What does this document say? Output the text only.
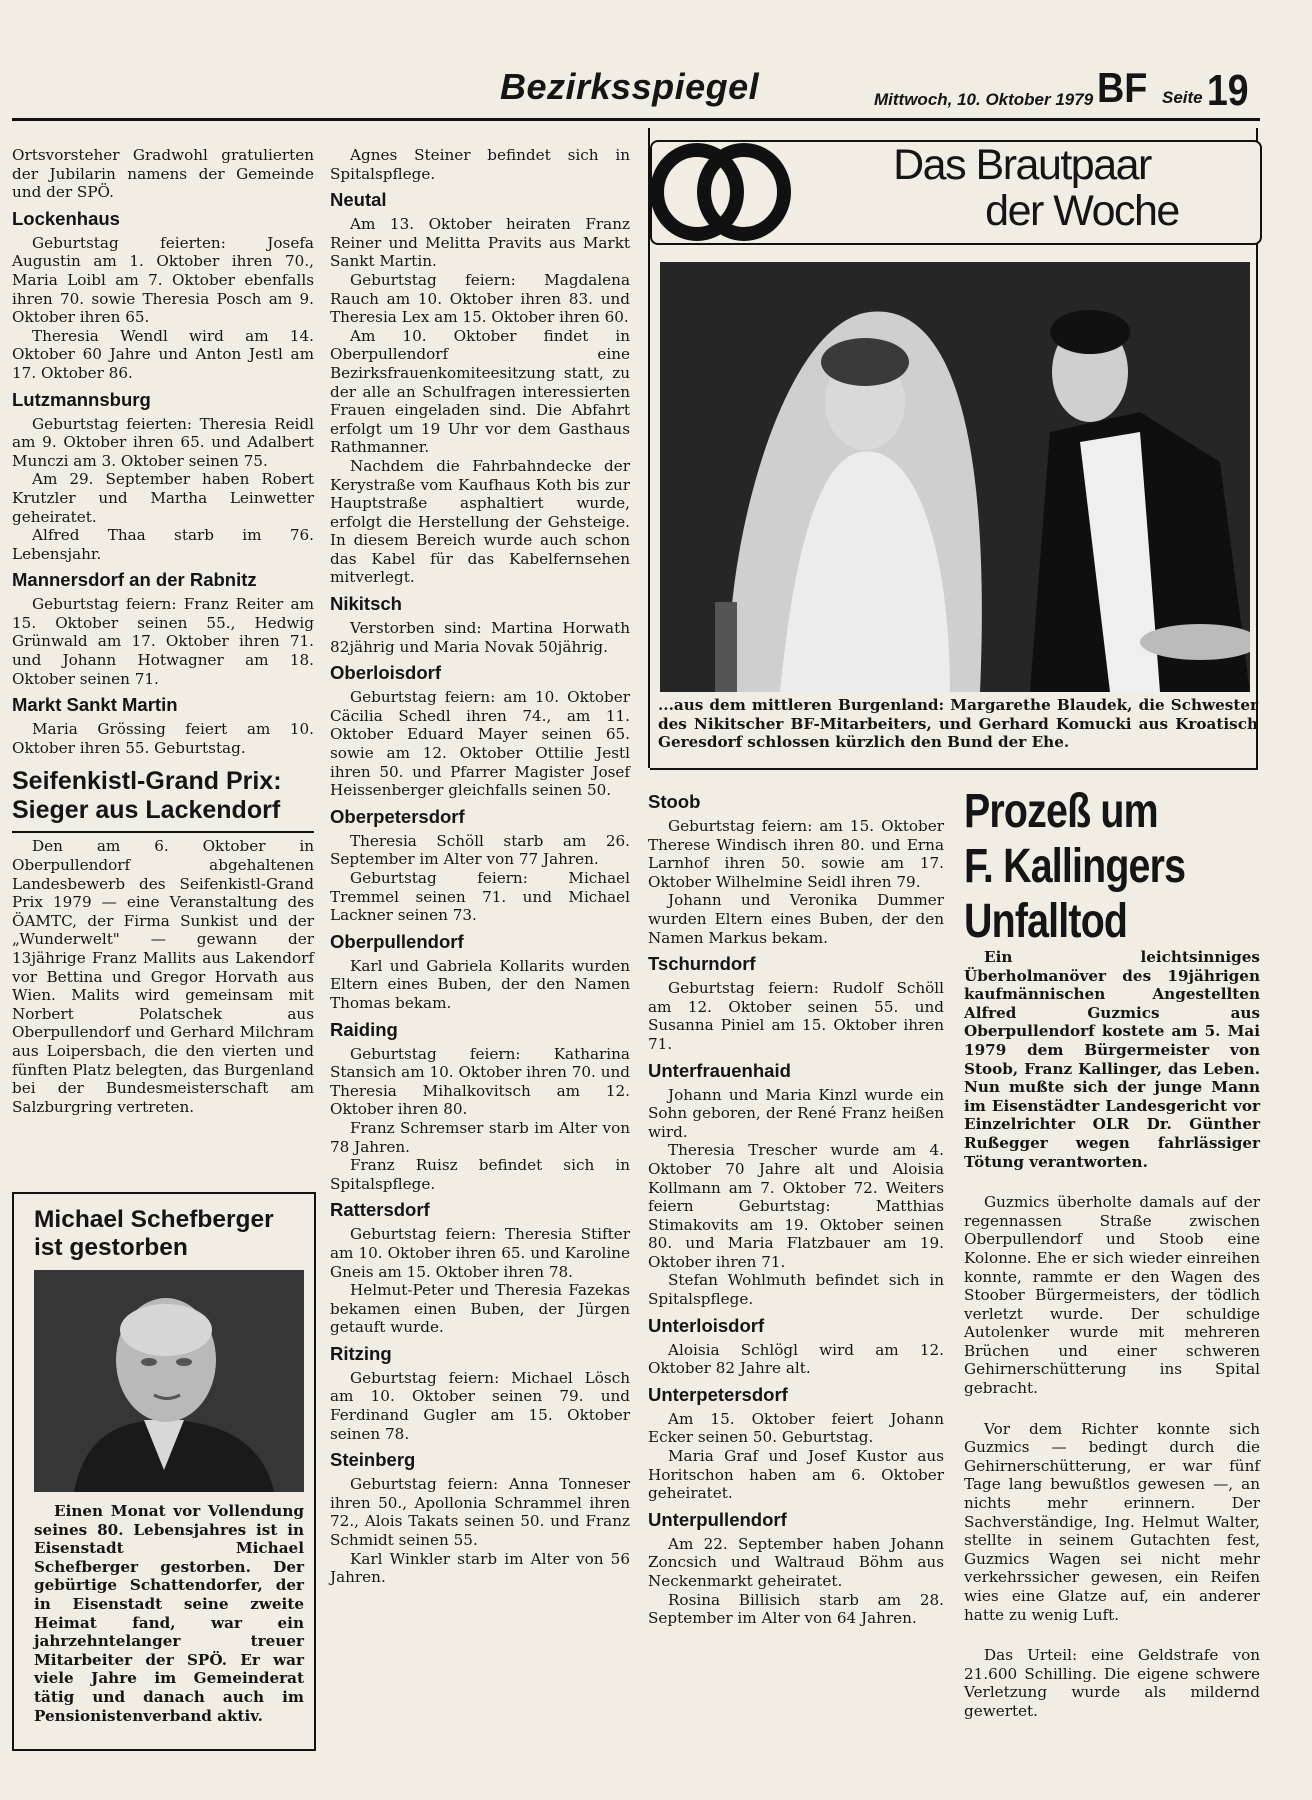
Bezirksspiegel	Mittwoch, 10. Oktober 1979 BF Seite 19

Ortsvorsteher Gradwohl gratulierten der Jubilarin namens der Gemeinde und der SPÖ.

Lockenhaus

Geburtstag feierten: Josefa Augustin am 1. Oktober ihren 70., Maria Loibl am 7. Oktober ebenfalls ihren 70. sowie Theresia Posch am 9. Oktober ihren 65.

Theresia Wendl wird am 14. Oktober 60 Jahre und Anton Jestl am 17. Oktober 86.

Lutzmannsburg

Geburtstag feierten: Theresia Reidl am 9. Oktober ihren 65. und Adalbert Munczi am 3. Oktober seinen 75.

Am 29. September haben Robert Krutzler und Martha Leinwetter geheiratet.

Alfred Thaa starb im 76. Lebensjahr.

Mannersdorf an der Rabnitz

Geburtstag feiern: Franz Reiter am 15. Oktober seinen 55., Hedwig Grünwald am 17. Oktober ihren 71. und Johann Hotwagner am 18. Oktober seinen 71.

Markt Sankt Martin

Maria Grössing feiert am 10. Oktober ihren 55. Geburtstag.

Seifenkistl-Grand Prix: Sieger aus Lackendorf

Den am 6. Oktober in Oberpullendorf abgehaltenen Landesbewerb des Seifenkistl-Grand Prix 1979 — eine Veranstaltung des ÖAMTC, der Firma Sunkist und der „Wunderwelt" — gewann der 13jährige Franz Mallits aus Lakendorf vor Bettina und Gregor Horvath aus Wien. Malits wird gemeinsam mit Norbert Polatschek aus Oberpullendorf und Gerhard Milchram aus Loipersbach, die den vierten und fünften Platz belegten, das Burgenland bei der Bundesmeisterschaft am Salzburgring vertreten.

Michael Schefberger ist gestorben

Einen Monat vor Vollendung seines 80. Lebensjahres ist in Eisenstadt Michael Schefberger gestorben. Der gebürtige Schattendorfer, der in Eisenstadt seine zweite Heimat fand, war ein jahrzehntelanger treuer Mitarbeiter der SPÖ. Er war viele Jahre im Gemeinderat tätig und danach auch im Pensionistenverband aktiv.

Agnes Steiner befindet sich in Spitalspflege.

Neutal

Am 13. Oktober heiraten Franz Reiner und Melitta Pravits aus Markt Sankt Martin.

Geburtstag feiern: Magdalena Rauch am 10. Oktober ihren 83. und Theresia Lex am 15. Oktober ihren 60.

Am 10. Oktober findet in Oberpullendorf eine Bezirksfrauenkomiteesitzung statt, zu der alle an Schulfragen interessierten Frauen eingeladen sind. Die Abfahrt erfolgt um 19 Uhr vor dem Gasthaus Rathmanner.

Nachdem die Fahrbahndecke der Kerystraße vom Kaufhaus Koth bis zur Hauptstraße asphaltiert wurde, erfolgt die Herstellung der Gehsteige. In diesem Bereich wurde auch schon das Kabel für das Kabelfernsehen mitverlegt.

Nikitsch

Verstorben sind: Martina Horwath 82jährig und Maria Novak 50jährig.

Oberloisdorf

Geburtstag feiern: am 10. Oktober Cäcilia Schedl ihren 74., am 11. Oktober Eduard Mayer seinen 65. sowie am 12. Oktober Ottilie Jestl ihren 50. und Pfarrer Magister Josef Heissenberger gleichfalls seinen 50.

Oberpetersdorf

Theresia Schöll starb am 26. September im Alter von 77 Jahren.

Geburtstag feiern: Michael Tremmel seinen 71. und Michael Lackner seinen 73.

Oberpullendorf

Karl und Gabriela Kollarits wurden Eltern eines Buben, der den Namen Thomas bekam.

Raiding

Geburtstag feiern: Katharina Stansich am 10. Oktober ihren 70. und Theresia Mihalkovitsch am 12. Oktober ihren 80.

Franz Schremser starb im Alter von 78 Jahren.

Franz Ruisz befindet sich in Spitalspflege.

Rattersdorf

Geburtstag feiern: Theresia Stifter am 10. Oktober ihren 65. und Karoline Gneis am 15. Oktober ihren 78.

Helmut-Peter und Theresia Fazekas bekamen einen Buben, der Jürgen getauft wurde.

Ritzing

Geburtstag feiern: Michael Lösch am 10. Oktober seinen 79. und Ferdinand Gugler am 15. Oktober seinen 78.

Steinberg

Geburtstag feiern: Anna Tonneser ihren 50., Apollonia Schrammel ihren 72., Alois Takats seinen 50. und Franz Schmidt seinen 55.

Karl Winkler starb im Alter von 56 Jahren.

Das Brautpaar
der Woche

...aus dem mittleren Burgenland: Margarethe Blaudek, die Schwester des Nikitscher BF-Mitarbeiters, und Gerhard Komucki aus Kroatisch Geresdorf schlossen kürzlich den Bund der Ehe.

Stoob

Geburtstag feiern: am 15. Oktober Therese Windisch ihren 80. und Erna Larnhof ihren 50. sowie am 17. Oktober Wilhelmine Seidl ihren 79.

Johann und Veronika Dummer wurden Eltern eines Buben, der den Namen Markus bekam.

Tschurndorf

Geburtstag feiern: Rudolf Schöll am 12. Oktober seinen 55. und Susanna Piniel am 15. Oktober ihren 71.

Unterfrauenhaid

Johann und Maria Kinzl wurde ein Sohn geboren, der René Franz heißen wird.

Theresia Trescher wurde am 4. Oktober 70 Jahre alt und Aloisia Kollmann am 7. Oktober 72. Weiters feiern Geburtstag: Matthias Stimakovits am 19. Oktober seinen 80. und Maria Flatzbauer am 19. Oktober ihren 71.

Stefan Wohlmuth befindet sich in Spitalspflege.

Unterloisdorf

Aloisia Schlögl wird am 12. Oktober 82 Jahre alt.

Unterpetersdorf

Am 15. Oktober feiert Johann Ecker seinen 50. Geburtstag.

Maria Graf und Josef Kustor aus Horitschon haben am 6. Oktober geheiratet.

Unterpullendorf

Am 22. September haben Johann Zoncsich und Waltraud Böhm aus Neckenmarkt geheiratet.

Rosina Billisich starb am 28. September im Alter von 64 Jahren.

Prozeß um
F. Kallingers
Unfalltod

Ein leichtsinniges Überholmanöver des 19jährigen kaufmännischen Angestellten Alfred Guzmics aus Oberpullendorf kostete am 5. Mai 1979 dem Bürgermeister von Stoob, Franz Kallinger, das Leben. Nun mußte sich der junge Mann im Eisenstädter Landesgericht vor Einzelrichter OLR Dr. Günther Rußegger wegen fahrlässiger Tötung verantworten.

Guzmics überholte damals auf der regennassen Straße zwischen Oberpullendorf und Stoob eine Kolonne. Ehe er sich wieder einreihen konnte, rammte er den Wagen des Stoober Bürgermeisters, der tödlich verletzt wurde. Der schuldige Autolenker wurde mit mehreren Brüchen und einer schweren Gehirnerschütterung ins Spital gebracht.

Vor dem Richter konnte sich Guzmics — bedingt durch die Gehirnerschütterung, er war fünf Tage lang bewußtlos gewesen —, an nichts mehr erinnern. Der Sachverständige, Ing. Helmut Walter, stellte in seinem Gutachten fest, Guzmics Wagen sei nicht mehr verkehrssicher gewesen, ein Reifen wies eine Glatze auf, ein anderer hatte zu wenig Luft.

Das Urteil: eine Geldstrafe von 21.600 Schilling. Die eigene schwere Verletzung wurde als mildernd gewertet.
